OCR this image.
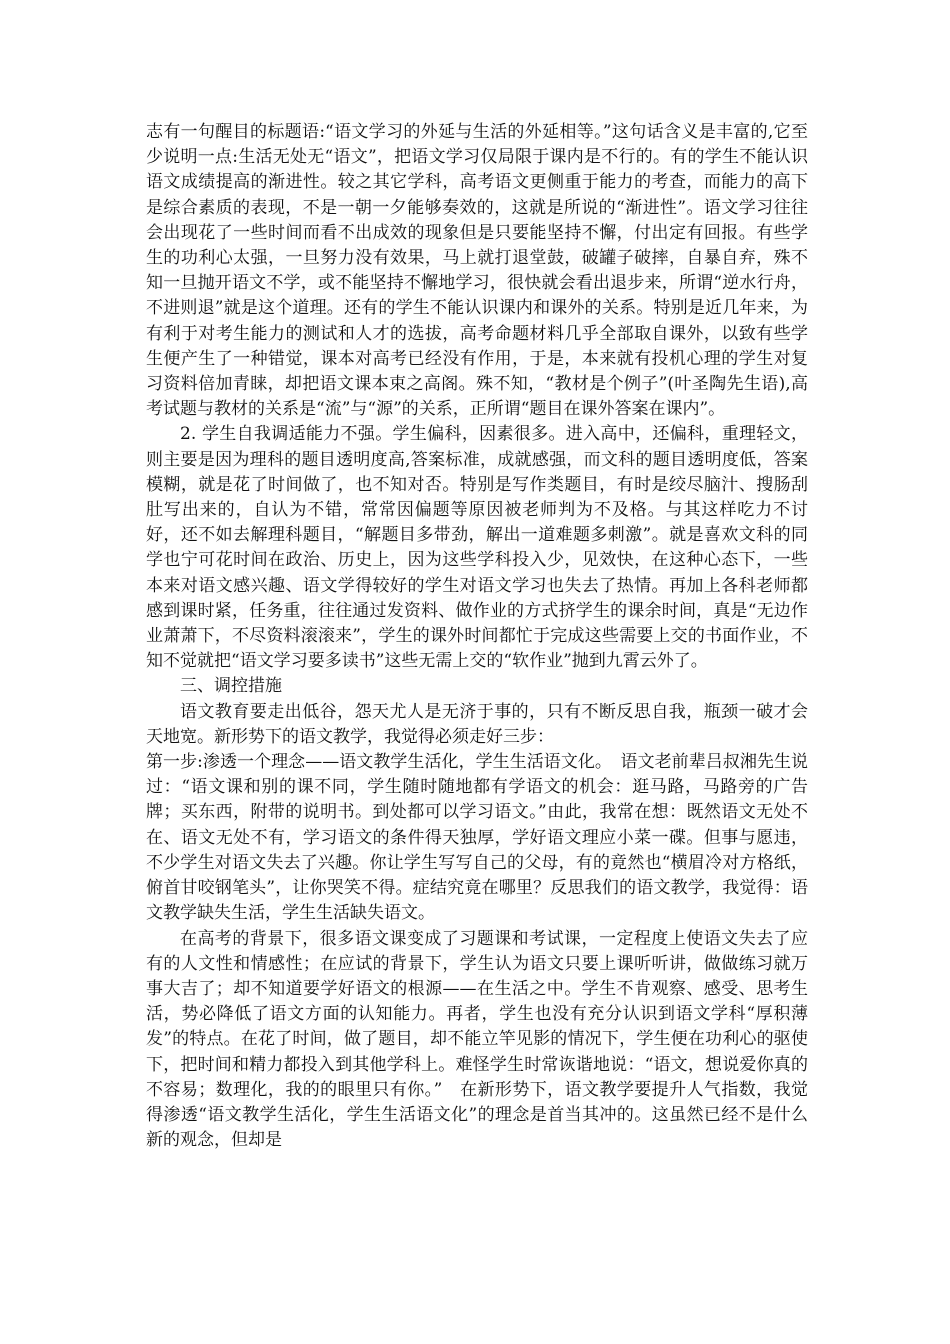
志有一句醒目的标题语:“语文学习的外延与生活的外延相等。”这句话含义是丰富的,它至少说明一点:生活无处无“语文”，把语文学习仅局限于课内是不行的。有的学生不能认识语文成绩提高的渐进性。较之其它学科，高考语文更侧重于能力的考查，而能力的高下是综合素质的表现，不是一朝一夕能够奏效的，这就是所说的“渐进性”。语文学习往往会出现花了一些时间而看不出成效的现象但是只要能坚持不懈，付出定有回报。有些学生的功利心太强，一旦努力没有效果，马上就打退堂鼓，破罐子破摔，自暴自弃，殊不知一旦抛开语文不学，或不能坚持不懈地学习，很快就会看出退步来，所谓“逆水行舟，不进则退”就是这个道理。还有的学生不能认识课内和课外的关系。特别是近几年来，为有利于对考生能力的测试和人才的选拔，高考命题材料几乎全部取自课外，以致有些学生便产生了一种错觉，课本对高考已经没有作用，于是，本来就有投机心理的学生对复习资料倍加青睐，却把语文课本束之高阁。殊不知，“教材是个例子”(叶圣陶先生语),高考试题与教材的关系是“流”与“源”的关系，正所谓“题目在课外答案在课内”。

2. 学生自我调适能力不强。学生偏科，因素很多。进入高中，还偏科，重理轻文，则主要是因为理科的题目透明度高,答案标准，成就感强，而文科的题目透明度低，答案模糊，就是花了时间做了，也不知对否。特别是写作类题目，有时是绞尽脑汁、搜肠刮肚写出来的，自认为不错，常常因偏题等原因被老师判为不及格。与其这样吃力不讨好，还不如去解理科题目，“解题目多带劲，解出一道难题多刺激”。就是喜欢文科的同学也宁可花时间在政治、历史上，因为这些学科投入少，见效快，在这种心态下，一些本来对语文感兴趣、语文学得较好的学生对语文学习也失去了热情。再加上各科老师都感到课时紧，任务重，往往通过发资料、做作业的方式挤学生的课余时间，真是“无边作业萧萧下，不尽资料滚滚来”，学生的课外时间都忙于完成这些需要上交的书面作业，不知不觉就把“语文学习要多读书”这些无需上交的“软作业”抛到九霄云外了。

三、调控措施

语文教育要走出低谷，怨天尤人是无济于事的，只有不断反思自我，瓶颈一破才会天地宽。新形势下的语文教学，我觉得必须走好三步：

第一步:渗透一个理念——语文教学生活化，学生生活语文化。　语文老前辈吕叔湘先生说过：“语文课和别的课不同，学生随时随地都有学语文的机会：逛马路，马路旁的广告牌；买东西，附带的说明书。到处都可以学习语文。”由此，我常在想：既然语文无处不在、语文无处不有，学习语文的条件得天独厚，学好语文理应小菜一碟。但事与愿违，不少学生对语文失去了兴趣。你让学生写写自己的父母，有的竟然也“横眉冷对方格纸，俯首甘咬钢笔头”，让你哭笑不得。症结究竟在哪里？反思我们的语文教学，我觉得：语文教学缺失生活，学生生活缺失语文。

在高考的背景下，很多语文课变成了习题课和考试课，一定程度上使语文失去了应有的人文性和情感性；在应试的背景下，学生认为语文只要上课听听讲，做做练习就万事大吉了；却不知道要学好语文的根源——在生活之中。学生不肯观察、感受、思考生活，势必降低了语文方面的认知能力。再者，学生也没有充分认识到语文学科“厚积薄发”的特点。在花了时间，做了题目，却不能立竿见影的情况下，学生便在功利心的驱使下，把时间和精力都投入到其他学科上。难怪学生时常诙谐地说：“语文，想说爱你真的不容易；数理化，我的的眼里只有你。”　在新形势下，语文教学要提升人气指数，我觉得渗透“语文教学生活化，学生生活语文化”的理念是首当其冲的。这虽然已经不是什么新的观念，但却是
